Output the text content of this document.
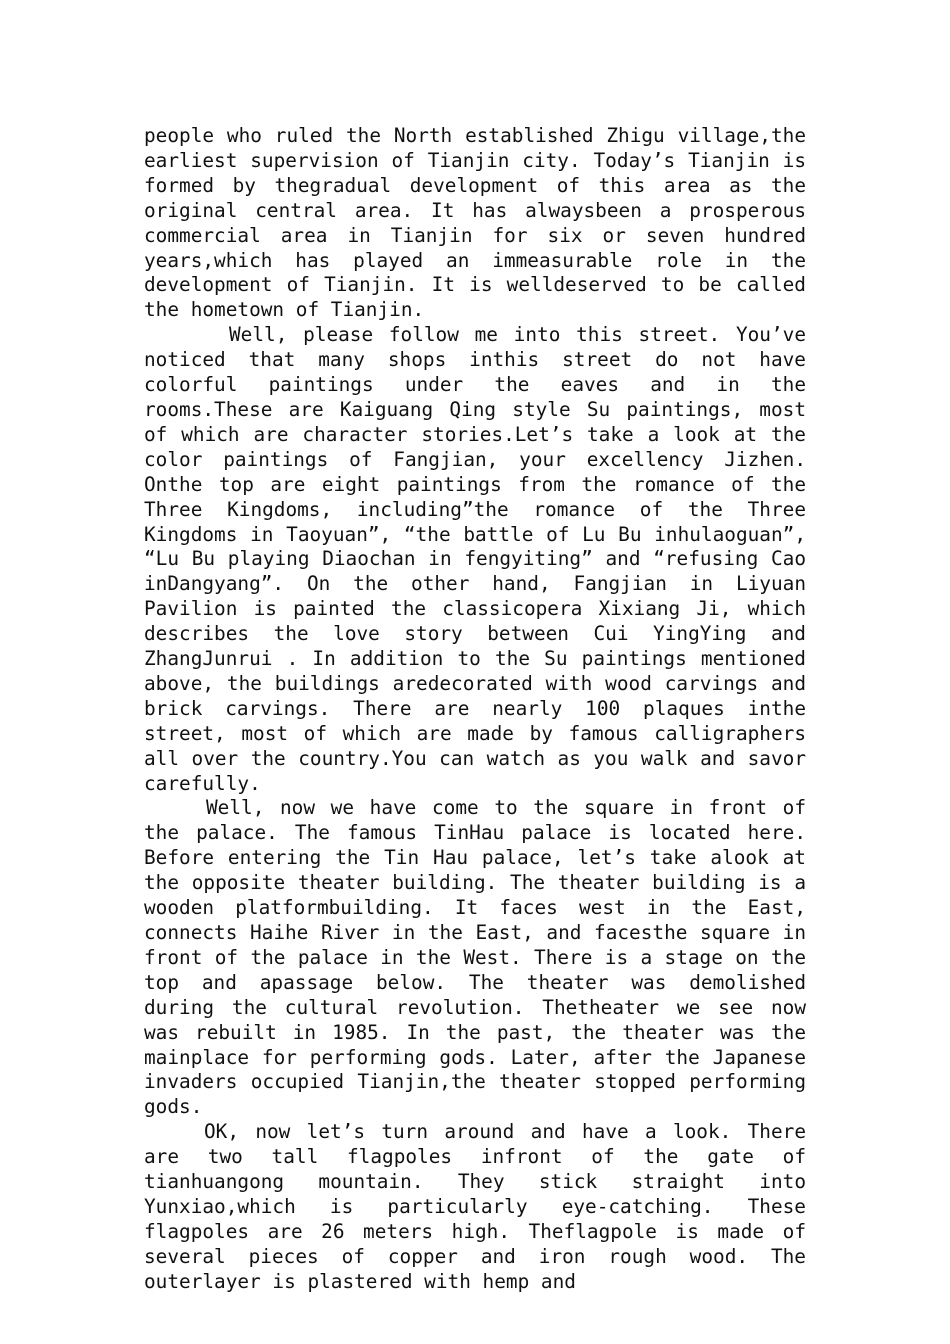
people who ruled the North established Zhigu village,the earliest supervision of Tianjin city. Today’s Tianjin is formed by thegradual development of this area as the original central area. It has alwaysbeen a prosperous commercial area in Tianjin for six or seven hundred years,which has played an immeasurable role in the development of Tianjin. It is welldeserved to be called the hometown of Tianjin.

Well, please follow me into this street. You’ve noticed that many shops inthis street do not have colorful paintings under the eaves and in the rooms.These are Kaiguang Qing style Su paintings, most of which are character stories.Let’s take a look at the color paintings of Fangjian, your excellency Jizhen. Onthe top are eight paintings from the romance of the Three Kingdoms, including”the romance of the Three Kingdoms in Taoyuan”, “the battle of Lu Bu inhulaoguan”, “Lu Bu playing Diaochan in fengyiting” and “refusing Cao inDangyang”. On the other hand, Fangjian in Liyuan Pavilion is painted the classicopera Xixiang Ji, which describes the love story between Cui YingYing and ZhangJunrui . In addition to the Su paintings mentioned above, the buildings aredecorated with wood carvings and brick carvings. There are nearly 100 plaques inthe street, most of which are made by famous calligraphers all over the country.You can watch as you walk and savor carefully.

Well, now we have come to the square in front of the palace. The famous TinHau palace is located here. Before entering the Tin Hau palace, let’s take alook at the opposite theater building. The theater building is a wooden platformbuilding. It faces west in the East, connects Haihe River in the East, and facesthe square in front of the palace in the West. There is a stage on the top and apassage below. The theater was demolished during the cultural revolution. Thetheater we see now was rebuilt in 1985. In the past, the theater was the mainplace for performing gods. Later, after the Japanese invaders occupied Tianjin,the theater stopped performing gods.

OK, now let’s turn around and have a look. There are two tall flagpoles infront of the gate of tianhuangong mountain. They stick straight into Yunxiao,which is particularly eye-catching. These flagpoles are 26 meters high. Theflagpole is made of several pieces of copper and iron rough wood. The outerlayer is plastered with hemp and
